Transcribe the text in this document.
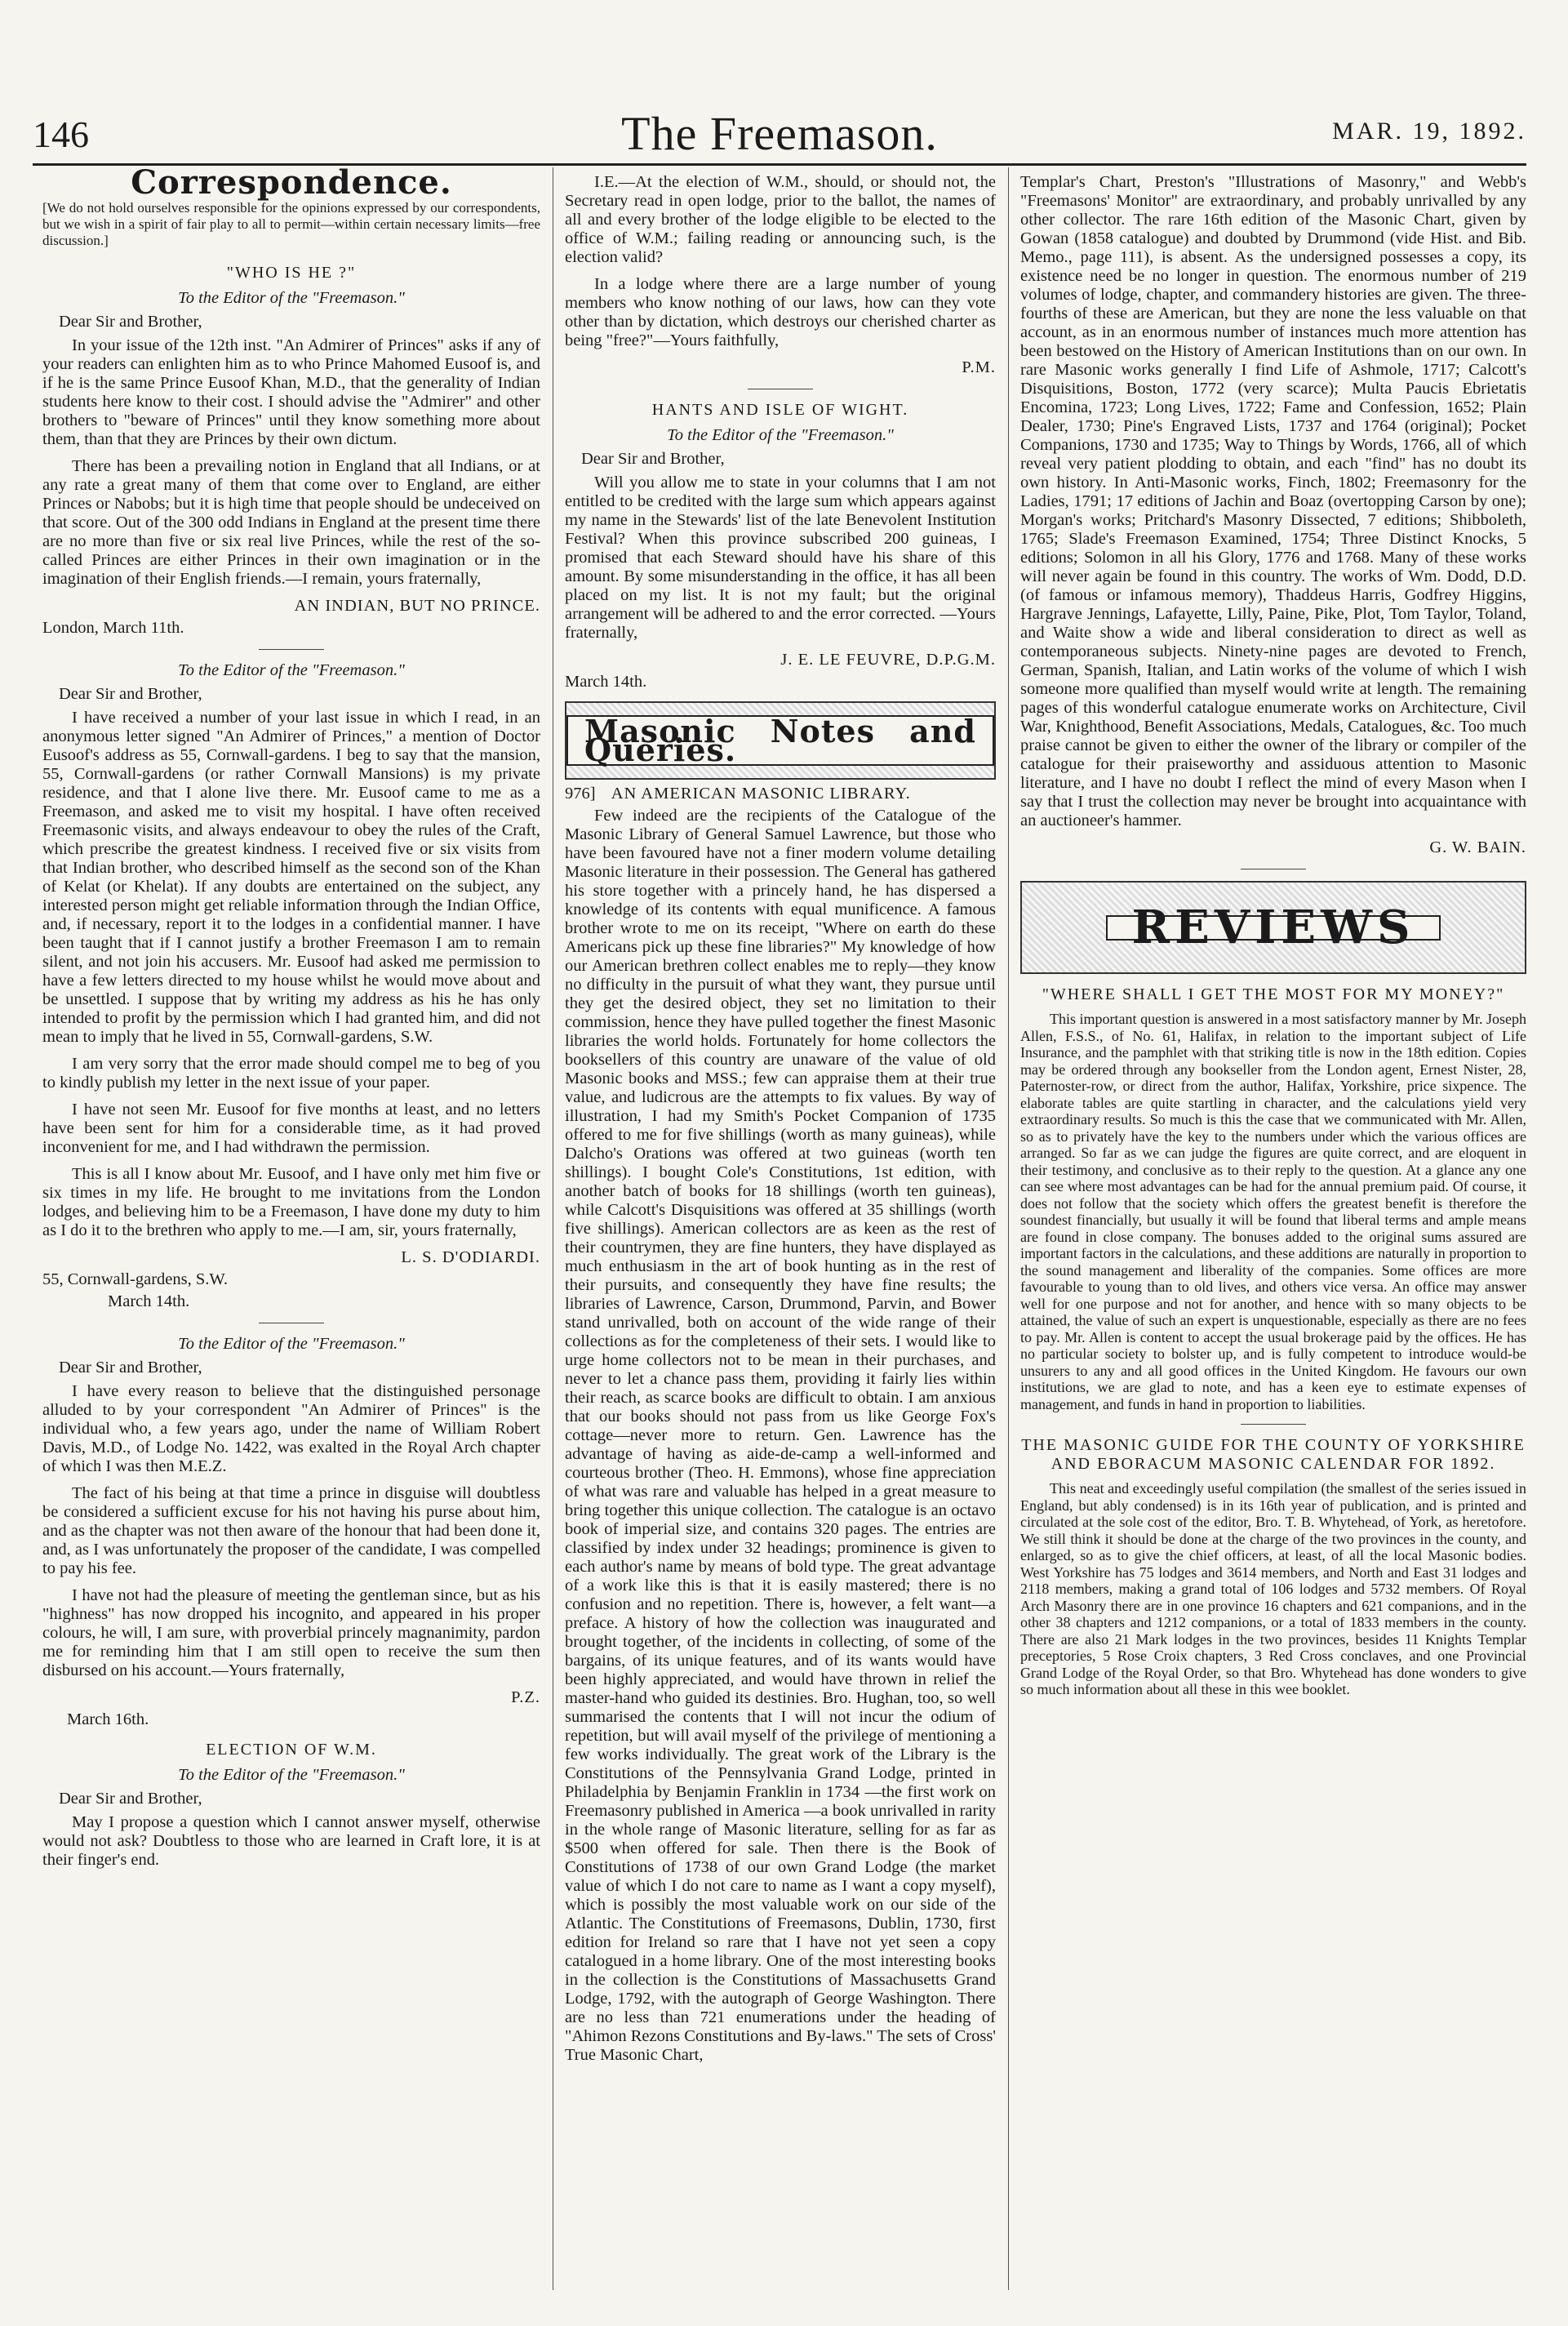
146	The Freemason.	MAR. 19, 1892.
Correspondence.

[We do not hold ourselves responsible for the opinions expressed by our correspondents, but we wish in a spirit of fair play to all to permit—within certain necessary limits—free discussion.]

"WHO IS HE ?"

To the Editor of the "Freemason."

Dear Sir and Brother,

In your issue of the 12th inst. "An Admirer of Princes" asks if any of your readers can enlighten him as to who Prince Mahomed Eusoof is, and if he is the same Prince Eusoof Khan, M.D., that the generality of Indian students here know to their cost. I should advise the "Admirer" and other brothers to "beware of Princes" until they know something more about them, than that they are Princes by their own dictum.

There has been a prevailing notion in England that all Indians, or at any rate a great many of them that come over to England, are either Princes or Nabobs; but it is high time that people should be undeceived on that score. Out of the 300 odd Indians in England at the present time there are no more than five or six real live Princes, while the rest of the so-called Princes are either Princes in their own imagination or in the imagination of their English friends.—I remain, yours fraternally,

AN INDIAN, BUT NO PRINCE.

London, March 11th.

To the Editor of the "Freemason."

Dear Sir and Brother,

I have received a number of your last issue in which I read, in an anonymous letter signed "An Admirer of Princes," a mention of Doctor Eusoof's address as 55, Cornwall-gardens. I beg to say that the mansion, 55, Cornwall-gardens (or rather Cornwall Mansions) is my private residence, and that I alone live there. Mr. Eusoof came to me as a Freemason, and asked me to visit my hospital. I have often received Freemasonic visits, and always endeavour to obey the rules of the Craft, which prescribe the greatest kindness. I received five or six visits from that Indian brother, who described himself as the second son of the Khan of Kelat (or Khelat). If any doubts are entertained on the subject, any interested person might get reliable information through the Indian Office, and, if necessary, report it to the lodges in a confidential manner. I have been taught that if I cannot justify a brother Freemason I am to remain silent, and not join his accusers. Mr. Eusoof had asked me permission to have a few letters directed to my house whilst he would move about and be unsettled. I suppose that by writing my address as his he has only intended to profit by the permission which I had granted him, and did not mean to imply that he lived in 55, Cornwall-gardens, S.W.

I am very sorry that the error made should compel me to beg of you to kindly publish my letter in the next issue of your paper.

I have not seen Mr. Eusoof for five months at least, and no letters have been sent for him for a considerable time, as it had proved inconvenient for me, and I had withdrawn the permission.

This is all I know about Mr. Eusoof, and I have only met him five or six times in my life. He brought to me invitations from the London lodges, and believing him to be a Freemason, I have done my duty to him as I do it to the brethren who apply to me.—I am, sir, yours fraternally,

L. S. D'ODIARDI.

55, Cornwall-gardens, S.W.

March 14th.

To the Editor of the "Freemason."

Dear Sir and Brother,

I have every reason to believe that the distinguished personage alluded to by your correspondent "An Admirer of Princes" is the individual who, a few years ago, under the name of William Robert Davis, M.D., of Lodge No. 1422, was exalted in the Royal Arch chapter of which I was then M.E.Z.

The fact of his being at that time a prince in disguise will doubtless be considered a sufficient excuse for his not having his purse about him, and as the chapter was not then aware of the honour that had been done it, and, as I was unfortunately the proposer of the candidate, I was compelled to pay his fee.

I have not had the pleasure of meeting the gentleman since, but as his "highness" has now dropped his incognito, and appeared in his proper colours, he will, I am sure, with proverbial princely magnanimity, pardon me for reminding him that I am still open to receive the sum then disbursed on his account.—Yours fraternally,

P.Z.

March 16th.

ELECTION OF W.M.

To the Editor of the "Freemason."

Dear Sir and Brother,

May I propose a question which I cannot answer myself, otherwise would not ask? Doubtless to those who are learned in Craft lore, it is at their finger's end.

I.E.—At the election of W.M., should, or should not, the Secretary read in open lodge, prior to the ballot, the names of all and every brother of the lodge eligible to be elected to the office of W.M.; failing reading or announcing such, is the election valid?

In a lodge where there are a large number of young members who know nothing of our laws, how can they vote other than by dictation, which destroys our cherished charter as being "free?"—Yours faithfully,

P.M.

HANTS AND ISLE OF WIGHT.

To the Editor of the "Freemason."

Dear Sir and Brother,

Will you allow me to state in your columns that I am not entitled to be credited with the large sum which appears against my name in the Stewards' list of the late Benevolent Institution Festival? When this province subscribed 200 guineas, I promised that each Steward should have his share of this amount. By some misunderstanding in the office, it has all been placed on my list. It is not my fault; but the original arrangement will be adhered to and the error corrected. —Yours fraternally,

J. E. LE FEUVRE, D.P.G.M.

March 14th.

Masonic Notes and Queries.

976] AN AMERICAN MASONIC LIBRARY.

Few indeed are the recipients of the Catalogue of the Masonic Library of General Samuel Lawrence, but those who have been favoured have not a finer modern volume detailing Masonic literature in their possession. The General has gathered his store together with a princely hand, he has dispersed a knowledge of its contents with equal munificence. A famous brother wrote to me on its receipt, "Where on earth do these Americans pick up these fine libraries?" My knowledge of how our American brethren collect enables me to reply—they know no difficulty in the pursuit of what they want, they pursue until they get the desired object, they set no limitation to their commission, hence they have pulled together the finest Masonic libraries the world holds. Fortunately for home collectors the booksellers of this country are unaware of the value of old Masonic books and MSS.; few can appraise them at their true value, and ludicrous are the attempts to fix values. By way of illustration, I had my Smith's Pocket Companion of 1735 offered to me for five shillings (worth as many guineas), while Dalcho's Orations was offered at two guineas (worth ten shillings). I bought Cole's Constitutions, 1st edition, with another batch of books for 18 shillings (worth ten guineas), while Calcott's Disquisitions was offered at 35 shillings (worth five shillings). American collectors are as keen as the rest of their countrymen, they are fine hunters, they have displayed as much enthusiasm in the art of book hunting as in the rest of their pursuits, and consequently they have fine results; the libraries of Lawrence, Carson, Drummond, Parvin, and Bower stand unrivalled, both on account of the wide range of their collections as for the completeness of their sets. I would like to urge home collectors not to be mean in their purchases, and never to let a chance pass them, providing it fairly lies within their reach, as scarce books are difficult to obtain. I am anxious that our books should not pass from us like George Fox's cottage—never more to return. Gen. Lawrence has the advantage of having as aide-de-camp a well-informed and courteous brother (Theo. H. Emmons), whose fine appreciation of what was rare and valuable has helped in a great measure to bring together this unique collection. The catalogue is an octavo book of imperial size, and contains 320 pages. The entries are classified by index under 32 headings; prominence is given to each author's name by means of bold type. The great advantage of a work like this is that it is easily mastered; there is no confusion and no repetition. There is, however, a felt want—a preface. A history of how the collection was inaugurated and brought together, of the incidents in collecting, of some of the bargains, of its unique features, and of its wants would have been highly appreciated, and would have thrown in relief the master-hand who guided its destinies. Bro. Hughan, too, so well summarised the contents that I will not incur the odium of repetition, but will avail myself of the privilege of mentioning a few works individually. The great work of the Library is the Constitutions of the Pennsylvania Grand Lodge, printed in Philadelphia by Benjamin Franklin in 1734 —the first work on Freemasonry published in America —a book unrivalled in rarity in the whole range of Masonic literature, selling for as far as $500 when offered for sale. Then there is the Book of Constitutions of 1738 of our own Grand Lodge (the market value of which I do not care to name as I want a copy myself), which is possibly the most valuable work on our side of the Atlantic. The Constitutions of Freemasons, Dublin, 1730, first edition for Ireland so rare that I have not yet seen a copy catalogued in a home library. One of the most interesting books in the collection is the Constitutions of Massachusetts Grand Lodge, 1792, with the autograph of George Washington. There are no less than 721 enumerations under the heading of "Ahimon Rezons Constitutions and By-laws." The sets of Cross' True Masonic Chart,

Templar's Chart, Preston's "Illustrations of Masonry," and Webb's "Freemasons' Monitor" are extraordinary, and probably unrivalled by any other collector. The rare 16th edition of the Masonic Chart, given by Gowan (1858 catalogue) and doubted by Drummond (vide Hist. and Bib. Memo., page 111), is absent. As the undersigned possesses a copy, its existence need be no longer in question. The enormous number of 219 volumes of lodge, chapter, and commandery histories are given. The three-fourths of these are American, but they are none the less valuable on that account, as in an enormous number of instances much more attention has been bestowed on the History of American Institutions than on our own. In rare Masonic works generally I find Life of Ashmole, 1717; Calcott's Disquisitions, Boston, 1772 (very scarce); Multa Paucis Ebrietatis Encomina, 1723; Long Lives, 1722; Fame and Confession, 1652; Plain Dealer, 1730; Pine's Engraved Lists, 1737 and 1764 (original); Pocket Companions, 1730 and 1735; Way to Things by Words, 1766, all of which reveal very patient plodding to obtain, and each "find" has no doubt its own history. In Anti-Masonic works, Finch, 1802; Freemasonry for the Ladies, 1791; 17 editions of Jachin and Boaz (overtopping Carson by one); Morgan's works; Pritchard's Masonry Dissected, 7 editions; Shibboleth, 1765; Slade's Freemason Examined, 1754; Three Distinct Knocks, 5 editions; Solomon in all his Glory, 1776 and 1768. Many of these works will never again be found in this country. The works of Wm. Dodd, D.D. (of famous or infamous memory), Thaddeus Harris, Godfrey Higgins, Hargrave Jennings, Lafayette, Lilly, Paine, Pike, Plot, Tom Taylor, Toland, and Waite show a wide and liberal consideration to direct as well as contemporaneous subjects. Ninety-nine pages are devoted to French, German, Spanish, Italian, and Latin works of the volume of which I wish someone more qualified than myself would write at length. The remaining pages of this wonderful catalogue enumerate works on Architecture, Civil War, Knighthood, Benefit Associations, Medals, Catalogues, &c. Too much praise cannot be given to either the owner of the library or compiler of the catalogue for their praiseworthy and assiduous attention to Masonic literature, and I have no doubt I reflect the mind of every Mason when I say that I trust the collection may never be brought into acquaintance with an auctioneer's hammer.

G. W. BAIN.

REVIEWS

"WHERE SHALL I GET THE MOST FOR MY MONEY?"

This important question is answered in a most satisfactory manner by Mr. Joseph Allen, F.S.S., of No. 61, Halifax, in relation to the important subject of Life Insurance, and the pamphlet with that striking title is now in the 18th edition. Copies may be ordered through any bookseller from the London agent, Ernest Nister, 28, Paternoster-row, or direct from the author, Halifax, Yorkshire, price sixpence. The elaborate tables are quite startling in character, and the calculations yield very extraordinary results. So much is this the case that we communicated with Mr. Allen, so as to privately have the key to the numbers under which the various offices are arranged. So far as we can judge the figures are quite correct, and are eloquent in their testimony, and conclusive as to their reply to the question. At a glance any one can see where most advantages can be had for the annual premium paid. Of course, it does not follow that the society which offers the greatest benefit is therefore the soundest financially, but usually it will be found that liberal terms and ample means are found in close company. The bonuses added to the original sums assured are important factors in the calculations, and these additions are naturally in proportion to the sound management and liberality of the companies. Some offices are more favourable to young than to old lives, and others vice versa. An office may answer well for one purpose and not for another, and hence with so many objects to be attained, the value of such an expert is unquestionable, especially as there are no fees to pay. Mr. Allen is content to accept the usual brokerage paid by the offices. He has no particular society to bolster up, and is fully competent to introduce would-be unsurers to any and all good offices in the United Kingdom. He favours our own institutions, we are glad to note, and has a keen eye to estimate expenses of management, and funds in hand in proportion to liabilities.

THE MASONIC GUIDE FOR THE COUNTY OF YORKSHIRE AND EBORACUM MASONIC CALENDAR FOR 1892.

This neat and exceedingly useful compilation (the smallest of the series issued in England, but ably condensed) is in its 16th year of publication, and is printed and circulated at the sole cost of the editor, Bro. T. B. Whytehead, of York, as heretofore. We still think it should be done at the charge of the two provinces in the county, and enlarged, so as to give the chief officers, at least, of all the local Masonic bodies. West Yorkshire has 75 lodges and 3614 members, and North and East 31 lodges and 2118 members, making a grand total of 106 lodges and 5732 members. Of Royal Arch Masonry there are in one province 16 chapters and 621 companions, and in the other 38 chapters and 1212 companions, or a total of 1833 members in the county. There are also 21 Mark lodges in the two provinces, besides 11 Knights Templar preceptories, 5 Rose Croix chapters, 3 Red Cross conclaves, and one Provincial Grand Lodge of the Royal Order, so that Bro. Whytehead has done wonders to give so much information about all these in this wee booklet.
